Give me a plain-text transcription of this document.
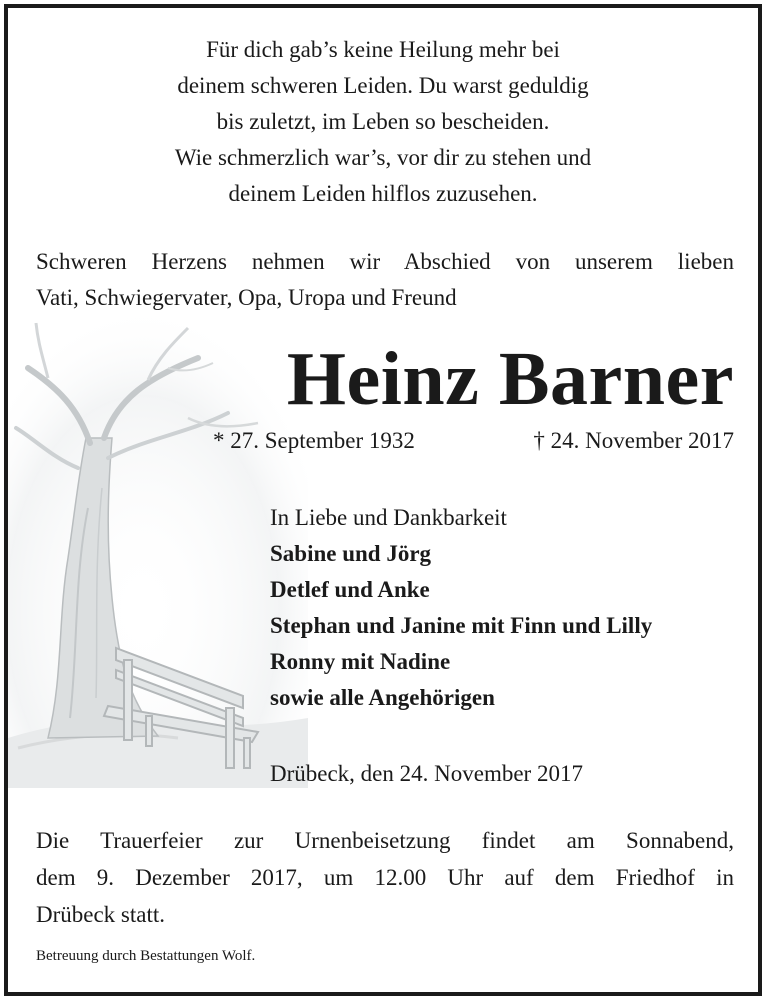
Für dich gab’s keine Heilung mehr bei
deinem schweren Leiden. Du warst geduldig
bis zuletzt, im Leben so bescheiden.
Wie schmerzlich war’s, vor dir zu stehen und
deinem Leiden hilflos zuzusehen.
Schweren Herzens nehmen wir Abschied von unserem lieben
Vati, Schwiegervater, Opa, Uropa und Freund
Heinz Barner
* 27. September 1932	† 24. November 2017
In Liebe und Dankbarkeit
Sabine und Jörg
Detlef und Anke
Stephan und Janine mit Finn und Lilly
Ronny mit Nadine
sowie alle Angehörigen
Drübeck, den 24. November 2017
Die Trauerfeier zur Urnenbeisetzung findet am Sonnabend,
dem 9. Dezember 2017, um 12.00 Uhr auf dem Friedhof in
Drübeck statt.
Betreuung durch Bestattungen Wolf.
